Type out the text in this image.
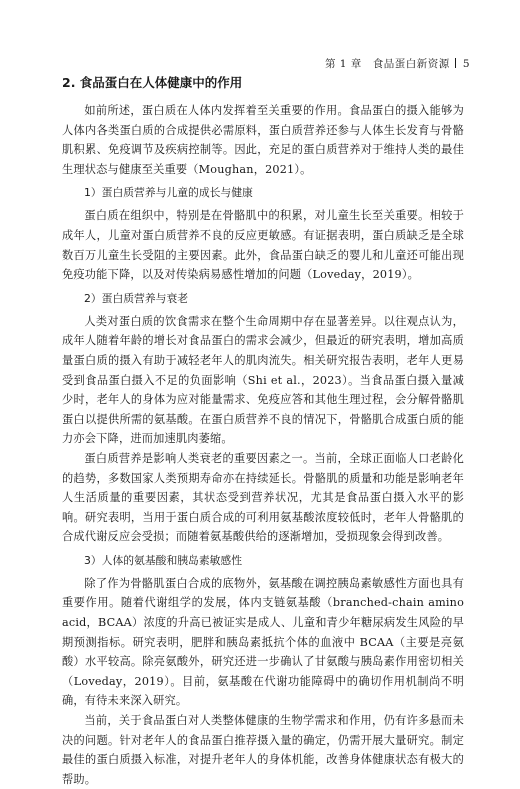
第 1 章　食品蛋白新资源 5
2. 食品蛋白在人体健康中的作用

如前所述，蛋白质在人体内发挥着至关重要的作用。食品蛋白的摄入能够为人体内各类蛋白质的合成提供必需原料，蛋白质营养还参与人体生长发育与骨骼肌积累、免疫调节及疾病控制等。因此，充足的蛋白质营养对于维持人类的最佳生理状态与健康至关重要（Moughan，2021）。

1）蛋白质营养与儿童的成长与健康

蛋白质在组织中，特别是在骨骼肌中的积累，对儿童生长至关重要。相较于成年人，儿童对蛋白质营养不良的反应更敏感。有证据表明，蛋白质缺乏是全球数百万儿童生长受阻的主要因素。此外，食品蛋白缺乏的婴儿和儿童还可能出现免疫功能下降，以及对传染病易感性增加的问题（Loveday，2019）。

2）蛋白质营养与衰老

人类对蛋白质的饮食需求在整个生命周期中存在显著差异。以往观点认为，成年人随着年龄的增长对食品蛋白的需求会减少，但最近的研究表明，增加高质量蛋白质的摄入有助于减轻老年人的肌肉流失。相关研究报告表明，老年人更易受到食品蛋白摄入不足的负面影响（Shi et al.，2023）。当食品蛋白摄入量减少时，老年人的身体为应对能量需求、免疫应答和其他生理过程，会分解骨骼肌蛋白以提供所需的氨基酸。在蛋白质营养不良的情况下，骨骼肌合成蛋白质的能力亦会下降，进而加速肌肉萎缩。

蛋白质营养是影响人类衰老的重要因素之一。当前，全球正面临人口老龄化的趋势，多数国家人类预期寿命亦在持续延长。骨骼肌的质量和功能是影响老年人生活质量的重要因素，其状态受到营养状况，尤其是食品蛋白摄入水平的影响。研究表明，当用于蛋白质合成的可利用氨基酸浓度较低时，老年人骨骼肌的合成代谢反应会受损；而随着氨基酸供给的逐渐增加，受损现象会得到改善。

3）人体的氨基酸和胰岛素敏感性

除了作为骨骼肌蛋白合成的底物外，氨基酸在调控胰岛素敏感性方面也具有重要作用。随着代谢组学的发展，体内支链氨基酸（branched-chain amino acid，BCAA）浓度的升高已被证实是成人、儿童和青少年糖尿病发生风险的早期预测指标。研究表明，肥胖和胰岛素抵抗个体的血液中 BCAA（主要是亮氨酸）水平较高。除亮氨酸外，研究还进一步确认了甘氨酸与胰岛素作用密切相关（Loveday，2019）。目前，氨基酸在代谢功能障碍中的确切作用机制尚不明确，有待未来深入研究。

当前，关于食品蛋白对人类整体健康的生物学需求和作用，仍有许多悬而未决的问题。针对老年人的食品蛋白推荐摄入量的确定，仍需开展大量研究。制定最佳的蛋白质摄入标准，对提升老年人的身体机能，改善身体健康状态有极大的帮助。
